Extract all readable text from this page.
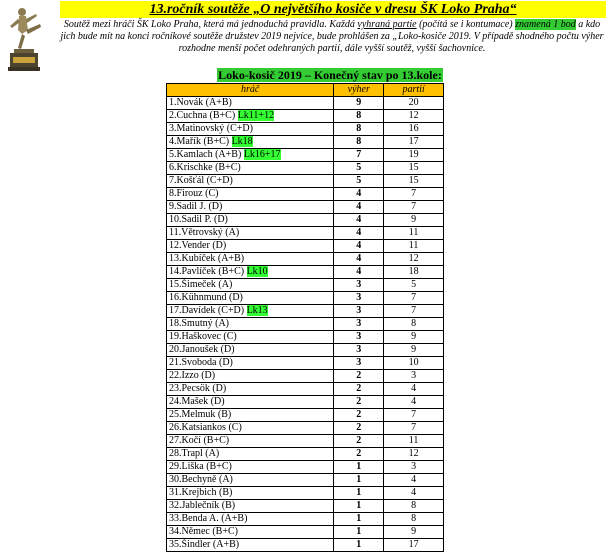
13.ročník soutěže „O největšího kosiče v dresu ŠK Loko Praha“
Soutěž mezi hráči ŠK Loko Praha, která má jednoduchá pravidla. Každá vyhraná partie (počítá se i kontumace) znamená 1 bod a kdo jich bude mít na konci ročníkové soutěže družstev 2019 nejvíce, bude prohlášen za „Loko-kosiče 2019. V případě shodného počtu výher rozhodne menší počet odehraných partií, dále vyšší soutěž, vyšší šachovnice.
Loko-kosič 2019 – Konečný stav po 13.kole:
hráč	výher	partií
1.Novák (A+B)	9	20
2.Cuchna (B+C) Lk11+12	8	12
3.Matinovský (C+D)	8	16
4.Mařík (B+C) Lk18	8	17
5.Kamlach (A+B) Lk16+17	7	19
6.Krischke (B+C)	5	15
7.Košťál (C+D)	5	15
8.Firouz (C)	4	7
9.Sadil J. (D)	4	7
10.Sadil P. (D)	4	9
11.Větrovský (A)	4	11
12.Vender (D)	4	11
13.Kubíček (A+B)	4	12
14.Pavlíček (B+C) Lk10	4	18
15.Šimeček (A)	3	5
16.Kühnmund (D)	3	7
17.Davídek (C+D) Lk13	3	7
18.Smutný (A)	3	8
19.Haškovec (C)	3	9
20.Janoušek (D)	3	9
21.Svoboda (D)	3	10
22.Izzo (D)	2	3
23.Pecsök (D)	2	4
24.Mašek (D)	2	4
25.Melmuk (B)	2	7
26.Katsiankos (C)	2	7
27.Kočí (B+C)	2	11
28.Trapl (A)	2	12
29.Liška (B+C)	1	3
30.Bechyně (A)	1	4
31.Krejbich (B)	1	4
32.Jablečník (B)	1	8
33.Benda A. (A+B)	1	8
34.Němec (B+C)	1	9
35.Šindler (A+B)	1	17
